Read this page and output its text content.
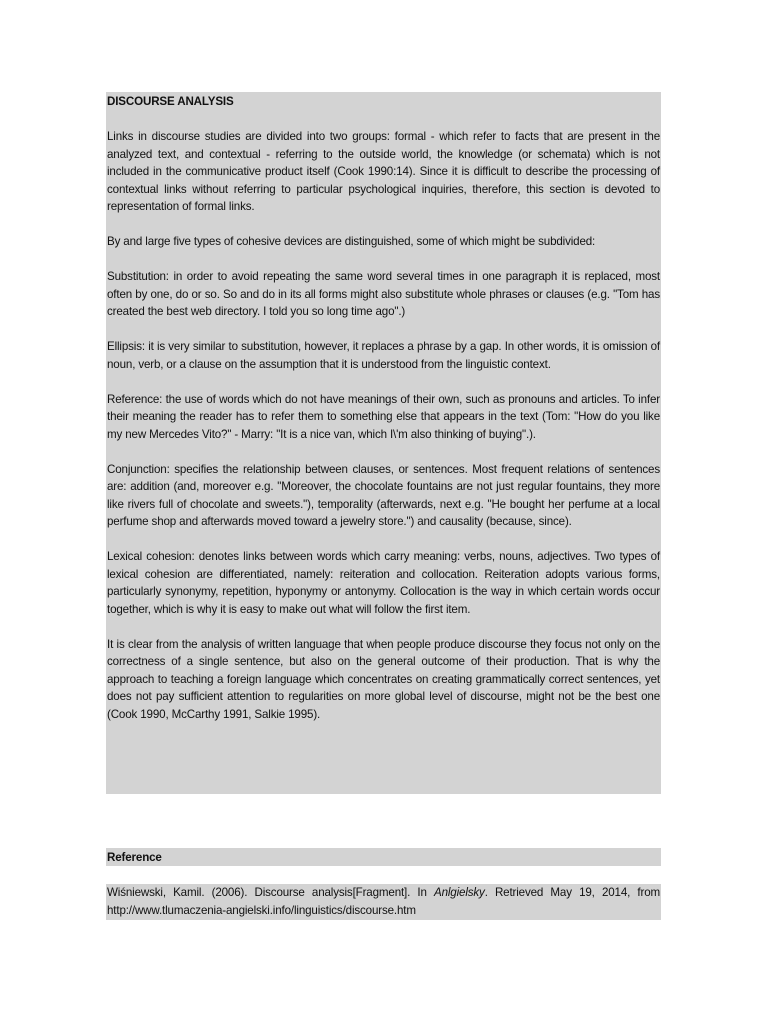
DISCOURSE ANALYSIS

Links in discourse studies are divided into two groups: formal - which refer to facts that are present in the analyzed text, and contextual - referring to the outside world, the knowledge (or schemata) which is not included in the communicative product itself (Cook 1990:14). Since it is difficult to describe the processing of contextual links without referring to particular psychological inquiries, therefore, this section is devoted to representation of formal links.

By and large five types of cohesive devices are distinguished, some of which might be subdivided:

Substitution: in order to avoid repeating the same word several times in one paragraph it is replaced, most often by one, do or so. So and do in its all forms might also substitute whole phrases or clauses (e.g. "Tom has created the best web directory. I told you so long time ago".)

Ellipsis: it is very similar to substitution, however, it replaces a phrase by a gap. In other words, it is omission of noun, verb, or a clause on the assumption that it is understood from the linguistic context.

Reference: the use of words which do not have meanings of their own, such as pronouns and articles. To infer their meaning the reader has to refer them to something else that appears in the text (Tom: "How do you like my new Mercedes Vito?" - Marry: "It is a nice van, which I\'m also thinking of buying".).

Conjunction: specifies the relationship between clauses, or sentences. Most frequent relations of sentences are: addition (and, moreover e.g. "Moreover, the chocolate fountains are not just regular fountains, they more like rivers full of chocolate and sweets."), temporality (afterwards, next e.g. "He bought her perfume at a local perfume shop and afterwards moved toward a jewelry store.") and causality (because, since).

Lexical cohesion: denotes links between words which carry meaning: verbs, nouns, adjectives. Two types of lexical cohesion are differentiated, namely: reiteration and collocation. Reiteration adopts various forms, particularly synonymy, repetition, hyponymy or antonymy. Collocation is the way in which certain words occur together, which is why it is easy to make out what will follow the first item.

It is clear from the analysis of written language that when people produce discourse they focus not only on the correctness of a single sentence, but also on the general outcome of their production. That is why the approach to teaching a foreign language which concentrates on creating grammatically correct sentences, yet does not pay sufficient attention to regularities on more global level of discourse, might not be the best one (Cook 1990, McCarthy 1991, Salkie 1995).

Reference
Wiśniewski, Kamil. (2006). Discourse analysis[Fragment]. In Anlgielsky. Retrieved May 19, 2014, from http://www.tlumaczenia-angielski.info/linguistics/discourse.htm
